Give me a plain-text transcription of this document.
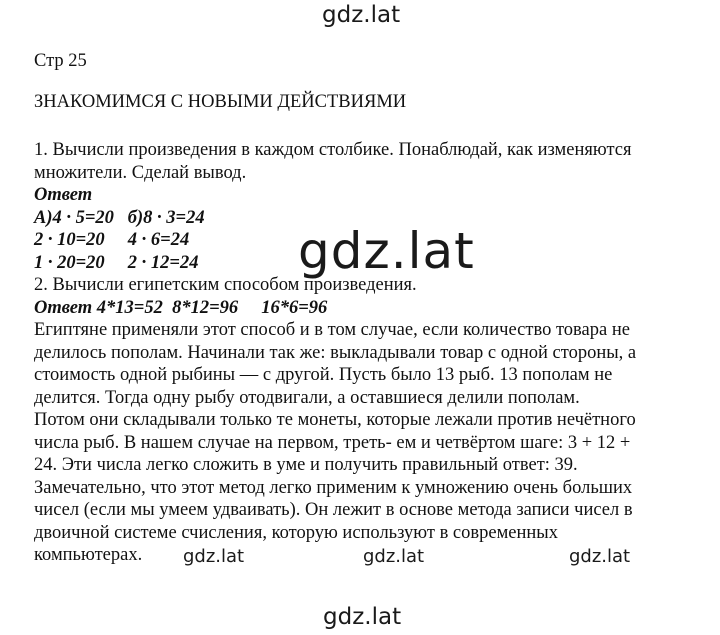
gdz.lat
Стр 25
ЗНАКОМИМСЯ С НОВЫМИ ДЕЙСТВИЯМИ
1. Вычисли произведения в каждом столбике. Понаблюдай, как изменяются
множители. Сделай вывод.
Ответ
А)4 · 5=20   б)8 · 3=24
2 · 10=20     4 · 6=24
1 · 20=20     2 · 12=24
2. Вычисли египетским способом произведения.
Ответ 4*13=52  8*12=96     16*6=96
Египтяне применяли этот способ и в том случае, если количество товара не
делилось пополам. Начинали так же: выкладывали товар с одной стороны, а
стоимость одной рыбины — с другой. Пусть было 13 рыб. 13 пополам не
делится. Тогда одну рыбу отодвигали, а оставшиеся делили пополам.
Потом они складывали только те монеты, которые лежали против нечётного
числа рыб. В нашем случае на первом, треть- ем и четвёртом шаге: 3 + 12 +
24. Эти числа легко сложить в уме и получить правильный ответ: 39.
Замечательно, что этот метод легко применим к умножению очень больших
чисел (если мы умеем удваивать). Он лежит в основе метода записи чисел в
двоичной системе счисления, которую используют в современных
компьютерах.
gdz.lat
gdz.lat	gdz.lat	gdz.lat
gdz.lat
